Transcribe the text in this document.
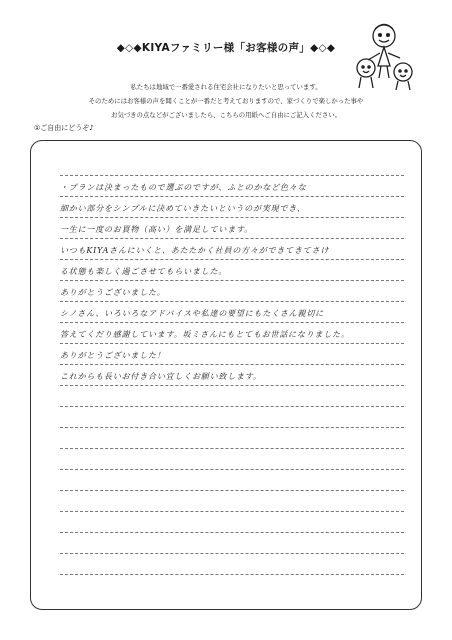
◆◇◆KIYAファミリー様「お客様の声」◆◇◆
私たちは地域で一番愛される住宅会社になりたいと思っています。
そのためにはお客様の声を聞くことが一番だと考えておりますので、家づくりで楽しかった事や
お気づきの点などがございましたら、こちらの用紙へご自由にご記入ください。
①ご自由にどうぞ♪
・プランは決まったもので選ぶのですが、ふとのかなど色々な
細かい部分をシンプルに決めていきたいというのが実現でき、
一生に一度のお買物（高い）を満足しています。
いつもKIYAさんにいくと、あたたかく社員の方々ができてきてさけ
る状態も楽しく過ごさせてもらいました。
ありがとうございました。
シノさん、いろいろなアドバイスや私達の要望にもたくさん親切に
答えてくだり感謝しています。坂ミさんにもとてもお世話になりました。
ありがとうございました！
これからも長いお付き合い宜しくお願い致します。
